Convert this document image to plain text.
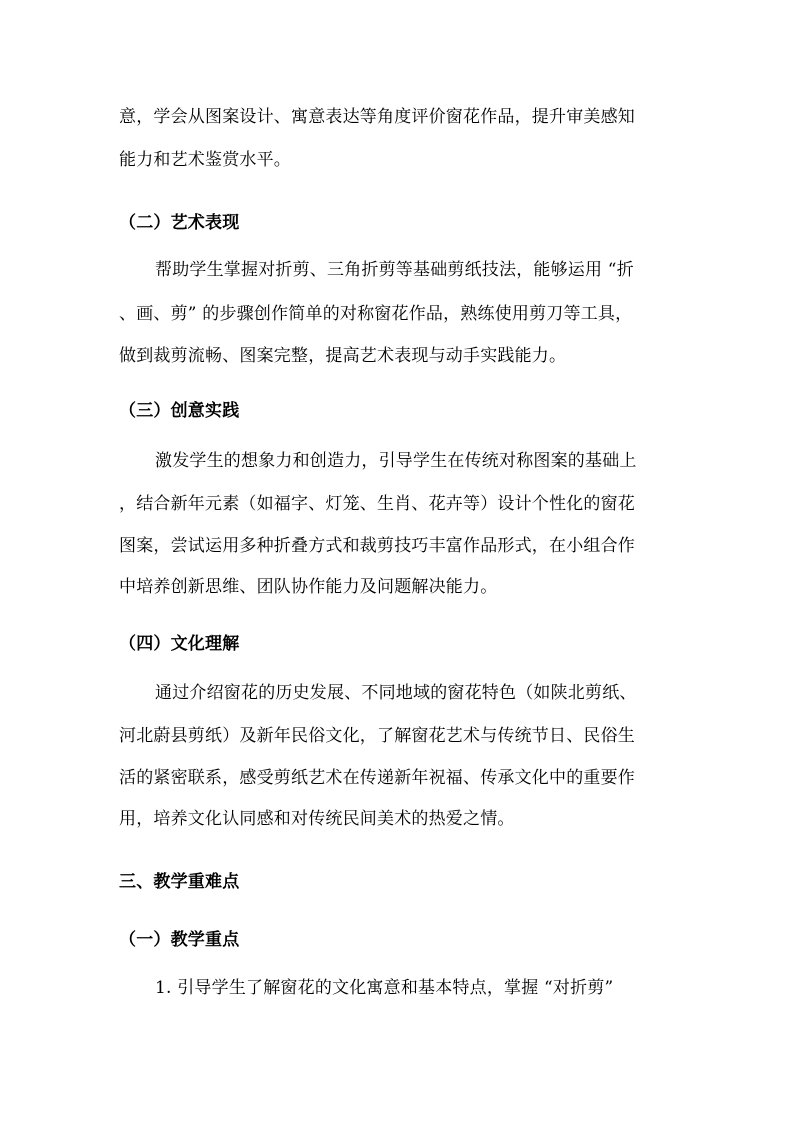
意，学会从图案设计、寓意表达等角度评价窗花作品，提升审美感知
能力和艺术鉴赏水平。
（二）艺术表现
帮助学生掌握对折剪、三角折剪等基础剪纸技法，能够运用 “折
、画、剪” 的步骤创作简单的对称窗花作品，熟练使用剪刀等工具，
做到裁剪流畅、图案完整，提高艺术表现与动手实践能力。
（三）创意实践
激发学生的想象力和创造力，引导学生在传统对称图案的基础上
，结合新年元素（如福字、灯笼、生肖、花卉等）设计个性化的窗花
图案，尝试运用多种折叠方式和裁剪技巧丰富作品形式，在小组合作
中培养创新思维、团队协作能力及问题解决能力。
（四）文化理解
通过介绍窗花的历史发展、不同地域的窗花特色（如陕北剪纸、
河北蔚县剪纸）及新年民俗文化，了解窗花艺术与传统节日、民俗生
活的紧密联系，感受剪纸艺术在传递新年祝福、传承文化中的重要作
用，培养文化认同感和对传统民间美术的热爱之情。
三、教学重难点
（一）教学重点
1. 引导学生了解窗花的文化寓意和基本特点，掌握 “对折剪”
